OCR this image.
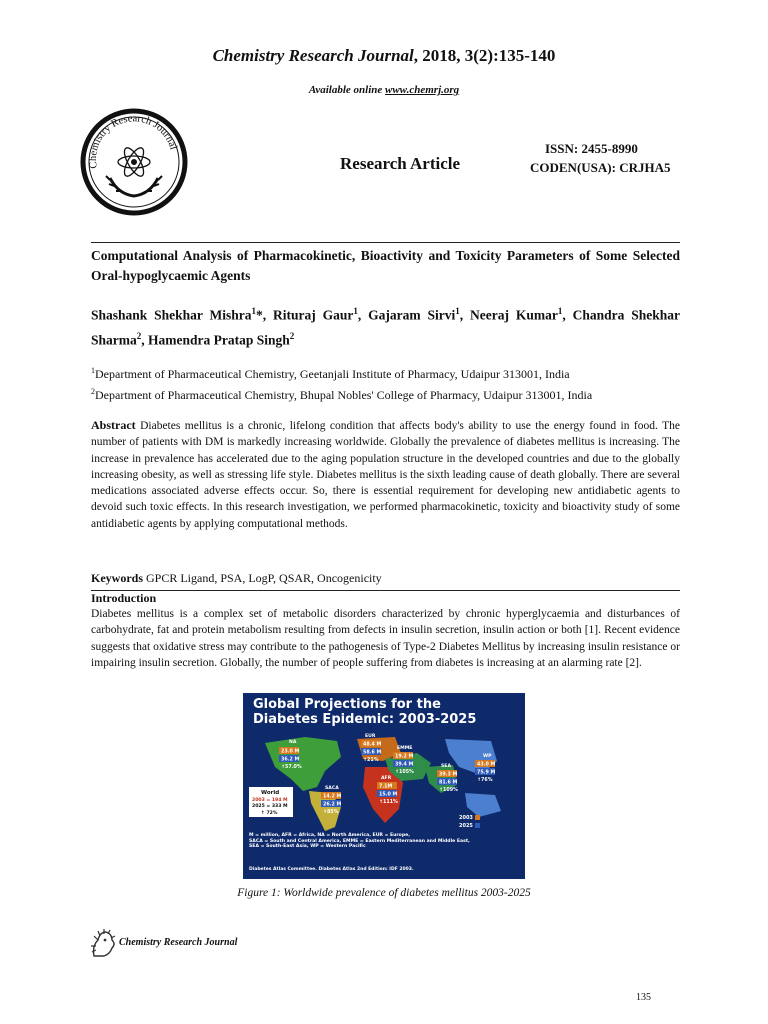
Chemistry Research Journal, 2018, 3(2):135-140
Available online www.chemrj.org
Chemistry Research Journal
Research Article
ISSN: 2455-8990
CODEN(USA): CRJHA5
Computational Analysis of Pharmacokinetic, Bioactivity and Toxicity Parameters of Some Selected Oral-hypoglycaemic Agents
Shashank Shekhar Mishra$^1$*, Rituraj Gaur$^1$, Gajaram Sirvi$^1$, Neeraj Kumar$^1$, Chandra Shekhar Sharma$^2$, Hamendra Pratap Singh$^2$
$^1$Department of Pharmaceutical Chemistry, Geetanjali Institute of Pharmacy, Udaipur 313001, India
$^2$Department of Pharmaceutical Chemistry, Bhupal Nobles' College of Pharmacy, Udaipur 313001, India
Abstract Diabetes mellitus is a chronic, lifelong condition that affects body's ability to use the energy found in food. The number of patients with DM is markedly increasing worldwide. Globally the prevalence of diabetes mellitus is increasing. The increase in prevalence has accelerated due to the aging population structure in the developed countries and due to the globally increasing obesity, as well as stressing life style. Diabetes mellitus is the sixth leading cause of death globally. There are several medications associated adverse effects occur. So, there is essential requirement for developing new antidiabetic agents to devoid such toxic effects. In this research investigation, we performed pharmacokinetic, toxicity and bioactivity study of some antidiabetic agents by applying computational methods.
Keywords GPCR Ligand, PSA, LogP, QSAR, Oncogenicity
Introduction
Diabetes mellitus is a complex set of metabolic disorders characterized by chronic hyperglycaemia and disturbances of carbohydrate, fat and protein metabolism resulting from defects in insulin secretion, insulin action or both [1]. Recent evidence suggests that oxidative stress may contribute to the pathogenesis of Type-2 Diabetes Mellitus by increasing insulin resistance or impairing insulin secretion. Globally, the number of people suffering from diabetes is increasing at an alarming rate [2].
Global Projections for the
Diabetes Epidemic: 2003-2025
NA
23.0 M
36.2 M
↑57.0%
EUR
48.4 M
58.6 M
↑21%
EMME
19.2 M
39.4 M
↑105%
SEA
39.3 M
81.6 M
↑109%
WP
43.0 M
75.9 M
↑76%
SACA
14.2 M
26.2 M
↑85%
AFR
7.1M
15.0 M
↑111%
World
2003 = 194 M
2025 = 333 M
↑ 72%
2003
2025
M = million, AFR = Africa, NA = North America, EUR = Europe,
SACA = South and Central America, EMME = Eastern Mediterranean and Middle East,
SEA = South-East Asia, WP = Western Pacific
Diabetes Atlas Committee. Diabetes Atlas 2nd Edition: IDF 2003.
Figure 1: Worldwide prevalence of diabetes mellitus 2003-2025
Chemistry Research Journal
135
